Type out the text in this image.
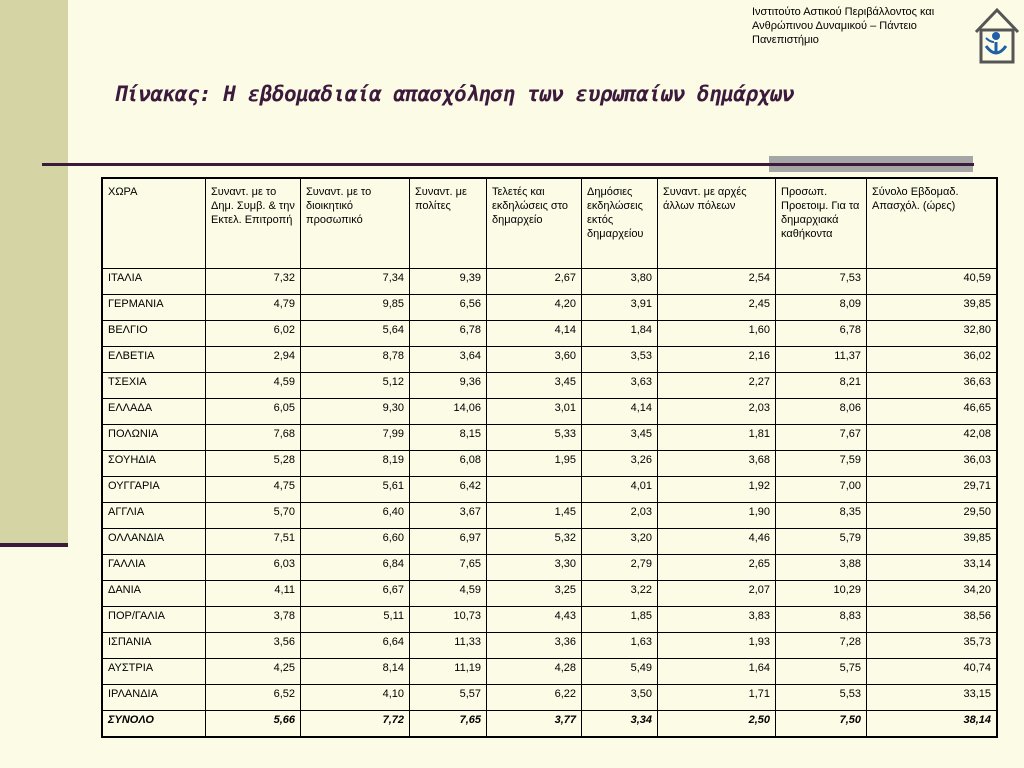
Ινστιτούτο Αστικού Περιβάλλοντος και Ανθρώπινου Δυναμικού – Πάντειο Πανεπιστήμιο
Πίνακας: Η εβδομαδιαία απασχόληση των ευρωπαίων δημάρχων
ΧΩΡΑ	Συναντ. με το Δημ. Συμβ. & την Εκτελ. Επιτροπή	Συναντ. με το διοικητικό προσωπικό	Συναντ. με πολίτες	Τελετές και εκδηλώσεις στο δημαρχείο	Δημόσιες εκδηλώσεις εκτός δημαρχείου	Συναντ. με αρχές άλλων πόλεων	Προσωπ. Προετοιμ. Για τα δημαρχιακά καθήκοντα	Σύνολο Εβδομαδ. Απασχόλ. (ώρες)
ΙΤΑΛΙΑ	7,32	7,34	9,39	2,67	3,80	2,54	7,53	40,59
ΓΕΡΜΑΝΙΑ	4,79	9,85	6,56	4,20	3,91	2,45	8,09	39,85
ΒΕΛΓΙΟ	6,02	5,64	6,78	4,14	1,84	1,60	6,78	32,80
ΕΛΒΕΤΙΑ	2,94	8,78	3,64	3,60	3,53	2,16	11,37	36,02
ΤΣΕΧΙΑ	4,59	5,12	9,36	3,45	3,63	2,27	8,21	36,63
ΕΛΛΑΔΑ	6,05	9,30	14,06	3,01	4,14	2,03	8,06	46,65
ΠΟΛΩΝΙΑ	7,68	7,99	8,15	5,33	3,45	1,81	7,67	42,08
ΣΟΥΗΔΙΑ	5,28	8,19	6,08	1,95	3,26	3,68	7,59	36,03
ΟΥΓΓΑΡΙΑ	4,75	5,61	6,42		4,01	1,92	7,00	29,71
ΑΓΓΛΙΑ	5,70	6,40	3,67	1,45	2,03	1,90	8,35	29,50
ΟΛΛΑΝΔΙΑ	7,51	6,60	6,97	5,32	3,20	4,46	5,79	39,85
ΓΑΛΛΙΑ	6,03	6,84	7,65	3,30	2,79	2,65	3,88	33,14
ΔΑΝΙΑ	4,11	6,67	4,59	3,25	3,22	2,07	10,29	34,20
ΠΟΡ/ΓΑΛΙΑ	3,78	5,11	10,73	4,43	1,85	3,83	8,83	38,56
ΙΣΠΑΝΙΑ	3,56	6,64	11,33	3,36	1,63	1,93	7,28	35,73
ΑΥΣΤΡΙΑ	4,25	8,14	11,19	4,28	5,49	1,64	5,75	40,74
ΙΡΛΑΝΔΙΑ	6,52	4,10	5,57	6,22	3,50	1,71	5,53	33,15
ΣΥΝΟΛΟ	5,66	7,72	7,65	3,77	3,34	2,50	7,50	38,14
